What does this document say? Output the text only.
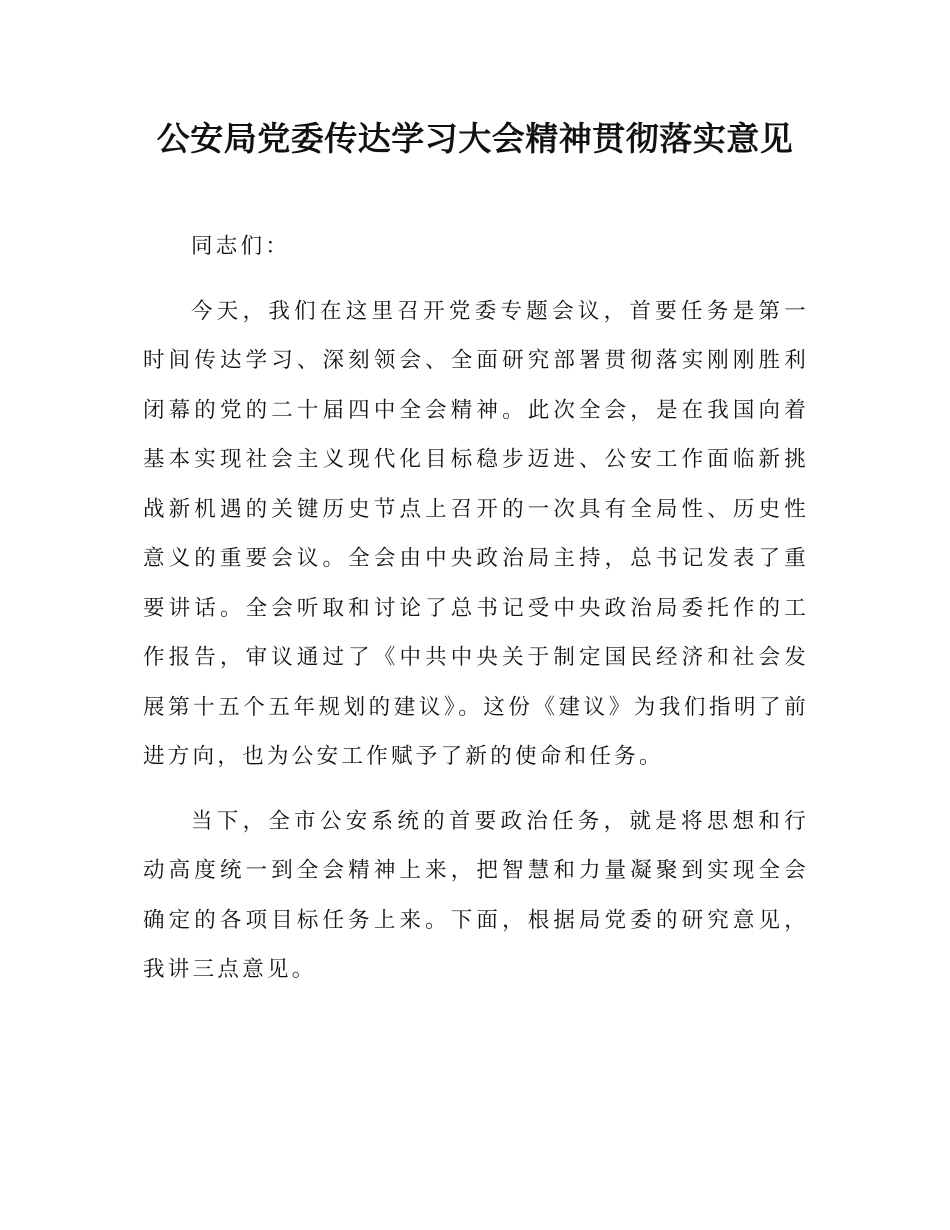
公安局党委传达学习大会精神贯彻落实意见

同志们：

今天，我们在这里召开党委专题会议，首要任务是第一时间传达学习、深刻领会、全面研究部署贯彻落实刚刚胜利闭幕的党的二十届四中全会精神。此次全会，是在我国向着基本实现社会主义现代化目标稳步迈进、公安工作面临新挑战新机遇的关键历史节点上召开的一次具有全局性、历史性意义的重要会议。全会由中央政治局主持，总书记发表了重要讲话。全会听取和讨论了总书记受中央政治局委托作的工作报告，审议通过了《中共中央关于制定国民经济和社会发展第十五个五年规划的建议》。这份《建议》为我们指明了前进方向，也为公安工作赋予了新的使命和任务。

当下，全市公安系统的首要政治任务，就是将思想和行动高度统一到全会精神上来，把智慧和力量凝聚到实现全会确定的各项目标任务上来。下面，根据局党委的研究意见，我讲三点意见。
